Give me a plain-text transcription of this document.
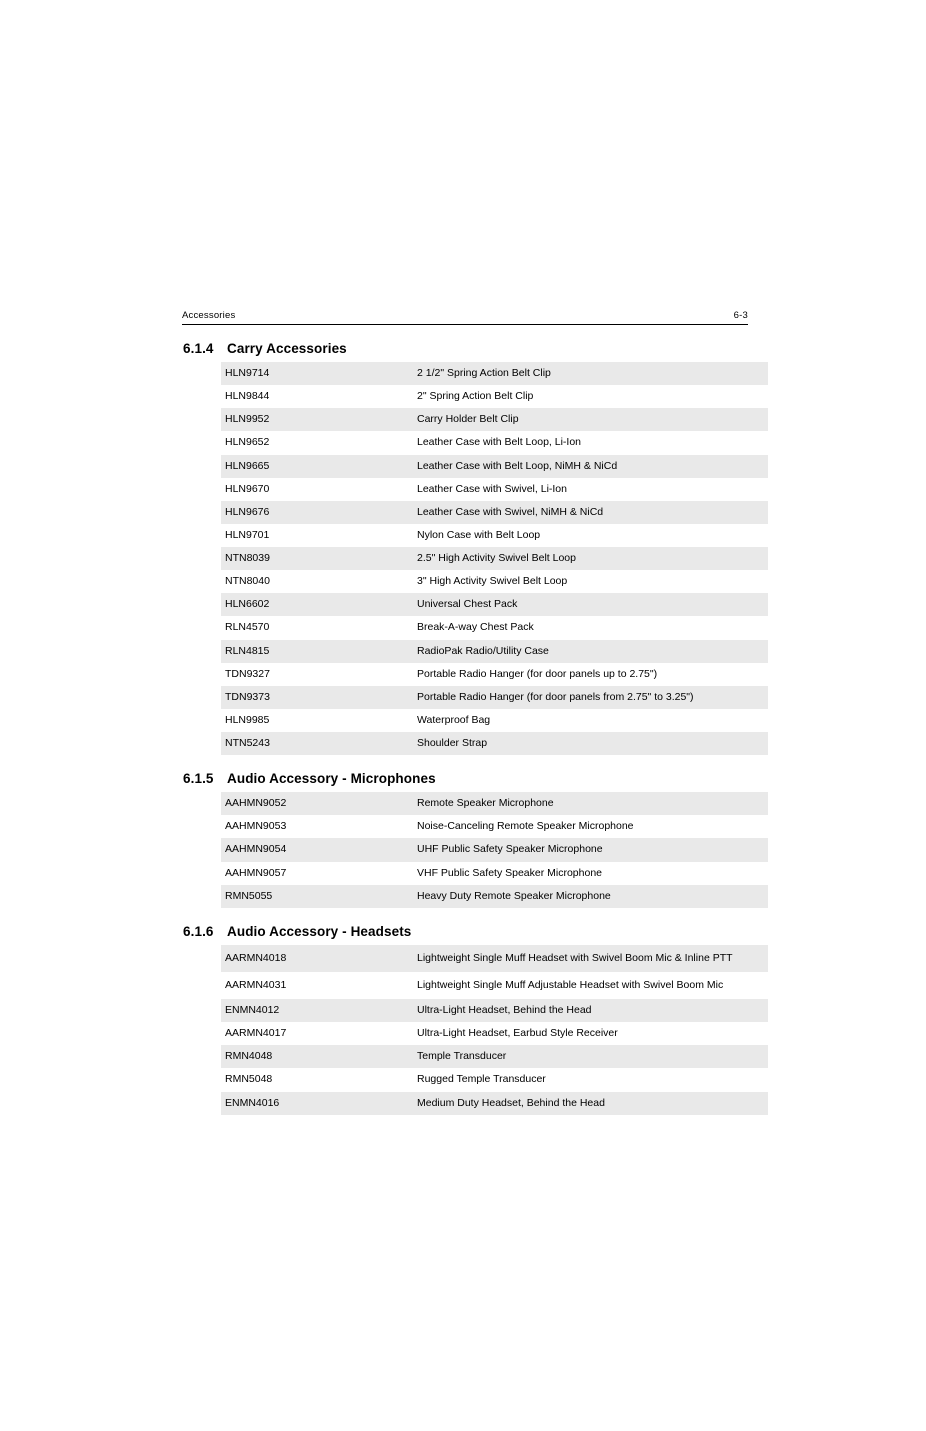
Accessories	6-3
6.1.4 Carry Accessories
HLN9714	2 1/2" Spring Action Belt Clip
HLN9844	2" Spring Action Belt Clip
HLN9952	Carry Holder Belt Clip
HLN9652	Leather Case with Belt Loop, Li-Ion
HLN9665	Leather Case with Belt Loop, NiMH & NiCd
HLN9670	Leather Case with Swivel, Li-Ion
HLN9676	Leather Case with Swivel, NiMH & NiCd
HLN9701	Nylon Case with Belt Loop
NTN8039	2.5" High Activity Swivel Belt Loop
NTN8040	3" High Activity Swivel Belt Loop
HLN6602	Universal Chest Pack
RLN4570	Break-A-way Chest Pack
RLN4815	RadioPak Radio/Utility Case
TDN9327	Portable Radio Hanger (for door panels up to 2.75")
TDN9373	Portable Radio Hanger (for door panels from 2.75" to 3.25")
HLN9985	Waterproof Bag
NTN5243	Shoulder Strap
6.1.5 Audio Accessory - Microphones
AAHMN9052	Remote Speaker Microphone
AAHMN9053	Noise-Canceling Remote Speaker Microphone
AAHMN9054	UHF Public Safety Speaker Microphone
AAHMN9057	VHF Public Safety Speaker Microphone
RMN5055	Heavy Duty Remote Speaker Microphone
6.1.6 Audio Accessory - Headsets
AARMN4018	Lightweight Single Muff Headset with Swivel Boom Mic & Inline PTT
AARMN4031	Lightweight Single Muff Adjustable Headset with Swivel Boom Mic
ENMN4012	Ultra-Light Headset, Behind the Head
AARMN4017	Ultra-Light Headset, Earbud Style Receiver
RMN4048	Temple Transducer
RMN5048	Rugged Temple Transducer
ENMN4016	Medium Duty Headset, Behind the Head
